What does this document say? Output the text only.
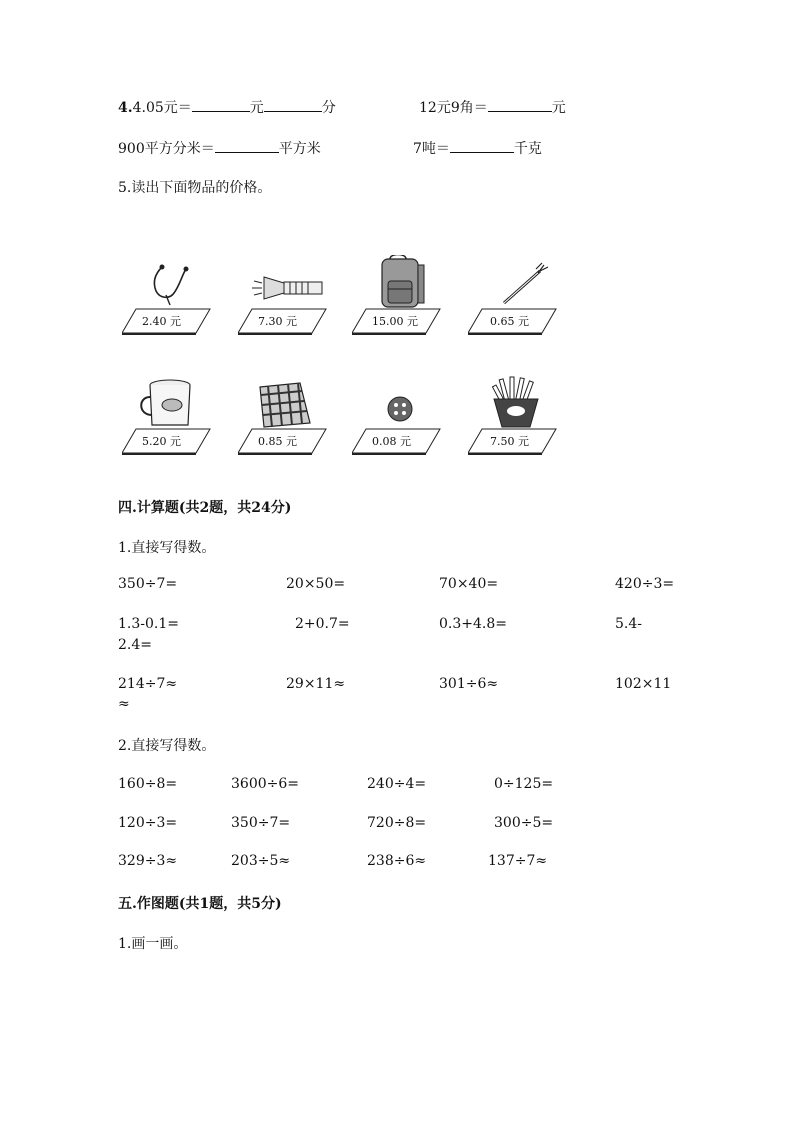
4.4.05元＝	元	分	12元9角＝	元
900平方分米＝	平方米	7吨＝	千克
5.读出下面物品的价格。
2.40 元	7.30 元	15.00 元	0.65 元
5.20 元	0.85 元	0.08 元	7.50 元
四.计算题(共2题，共24分)
1.直接写得数。
350÷7=	20×50=	70×40=	420÷3=
1.3-0.1=	2+0.7=	0.3+4.8=	5.4-
2.4=
214÷7≈	29×11≈	301÷6≈	102×11
≈
2.直接写得数。
160÷8=	3600÷6=	240÷4=	0÷125=
120÷3=	350÷7=	720÷8=	300÷5=
329÷3≈	203÷5≈	238÷6≈	137÷7≈
五.作图题(共1题，共5分)
1.画一画。
